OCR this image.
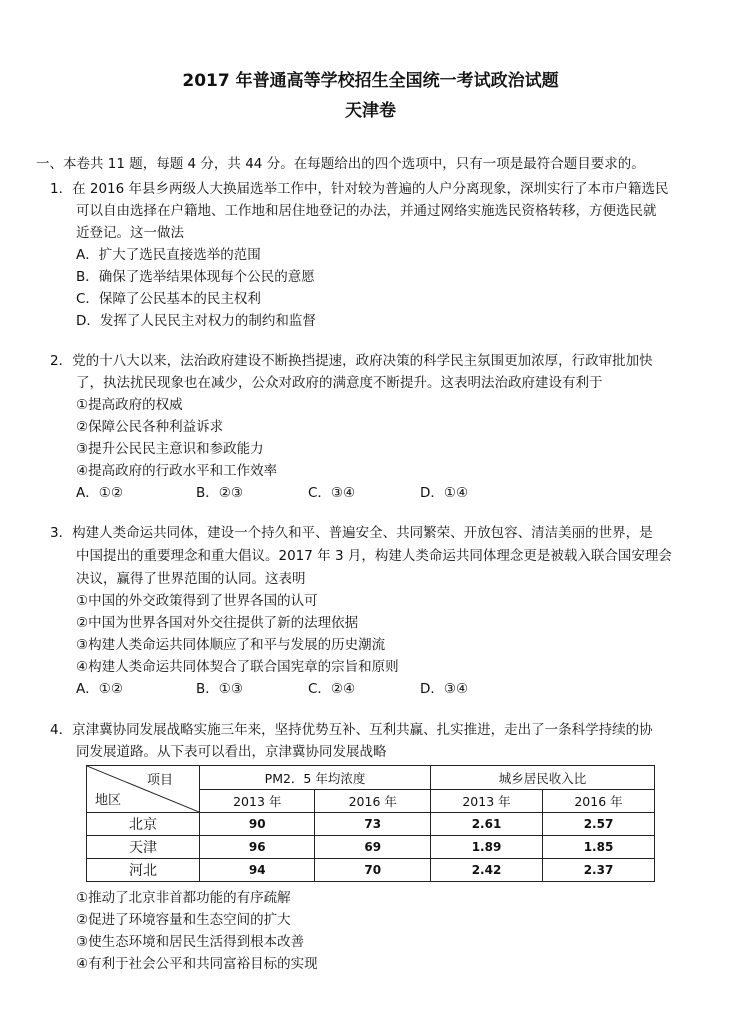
2017 年普通高等学校招生全国统一考试政治试题
天津卷
一、本卷共 11 题，每题 4 分，共 44 分。在每题给出的四个选项中，只有一项是最符合题目要求的。
1．在 2016 年县乡两级人大换届选举工作中，针对较为普遍的人户分离现象，深圳实行了本市户籍选民
可以自由选择在户籍地、工作地和居住地登记的办法，并通过网络实施选民资格转移，方便选民就
近登记。这一做法
A．扩大了选民直接选举的范围
B．确保了选举结果体现每个公民的意愿
C．保障了公民基本的民主权利
D．发挥了人民民主对权力的制约和监督
2．党的十八大以来，法治政府建设不断换挡提速，政府决策的科学民主氛围更加浓厚，行政审批加快
了，执法扰民现象也在减少，公众对政府的满意度不断提升。这表明法治政府建设有利于
①提高政府的权威
②保障公民各种利益诉求
③提升公民民主意识和参政能力
④提高政府的行政水平和工作效率
A．①②	B．②③	C．③④	D．①④
3．构建人类命运共同体，建设一个持久和平、普遍安全、共同繁荣、开放包容、清洁美丽的世界，是
中国提出的重要理念和重大倡议。2017 年 3 月，构建人类命运共同体理念更是被载入联合国安理会
决议，赢得了世界范围的认同。这表明
①中国的外交政策得到了世界各国的认可
②中国为世界各国对外交往提供了新的法理依据
③构建人类命运共同体顺应了和平与发展的历史潮流
④构建人类命运共同体契合了联合国宪章的宗旨和原则
A．①②	B．①③	C．②④	D．③④
4．京津冀协同发展战略实施三年来，坚持优势互补、互利共赢、扎实推进，走出了一条科学持续的协
同发展道路。从下表可以看出，京津冀协同发展战略
项目
地区	PM2．5 年均浓度		城乡居民收入比	
	2013 年	2016 年	2013 年	2016 年
北京	90	73	2.61	2.57
天津	96	69	1.89	1.85
河北	94	70	2.42	2.37
①推动了北京非首都功能的有序疏解
②促进了环境容量和生态空间的扩大
③使生态环境和居民生活得到根本改善
④有利于社会公平和共同富裕目标的实现
